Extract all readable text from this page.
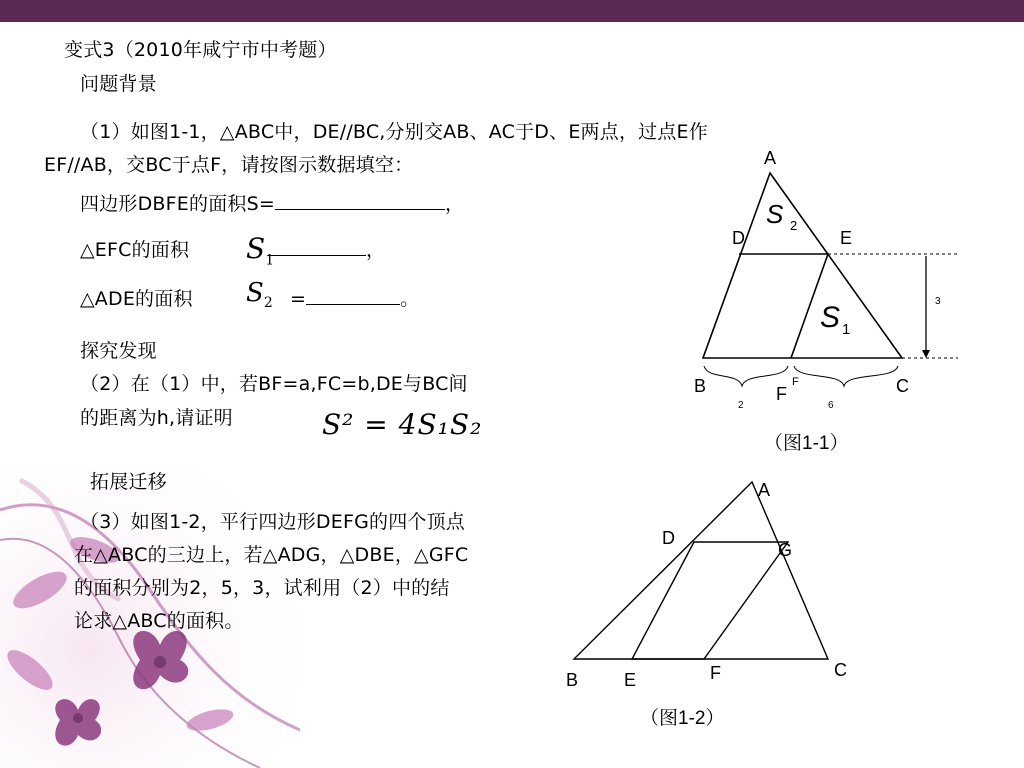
变式3（2010年咸宁市中考题）
问题背景
（1）如图1-1，△ABC中，DE//BC,分别交AB、AC于D、E两点，过点E作
EF//AB，交BC于点F，请按图示数据填空：
四边形DBFE的面积S=	，
△EFC的面积 $S_1$	，
△ADE的面积 $S_2$ =	。
探究发现
（2）在（1）中，若BF=a,FC=b,DE与BC间
的距离为h,请证明	S² = 4S₁S₂
拓展迁移
（3）如图1-2，平行四边形DEFG的四个顶点
在△ABC的三边上，若△ADG，△DBE，△GFC
的面积分别为2，5，3，试利用（2）中的结
论求△ABC的面积。
A
D	E
B	F
F	C
S 2
S 1
3
2	6
（图1-1）
A
D
G
B	E	F	C
（图1-2）
